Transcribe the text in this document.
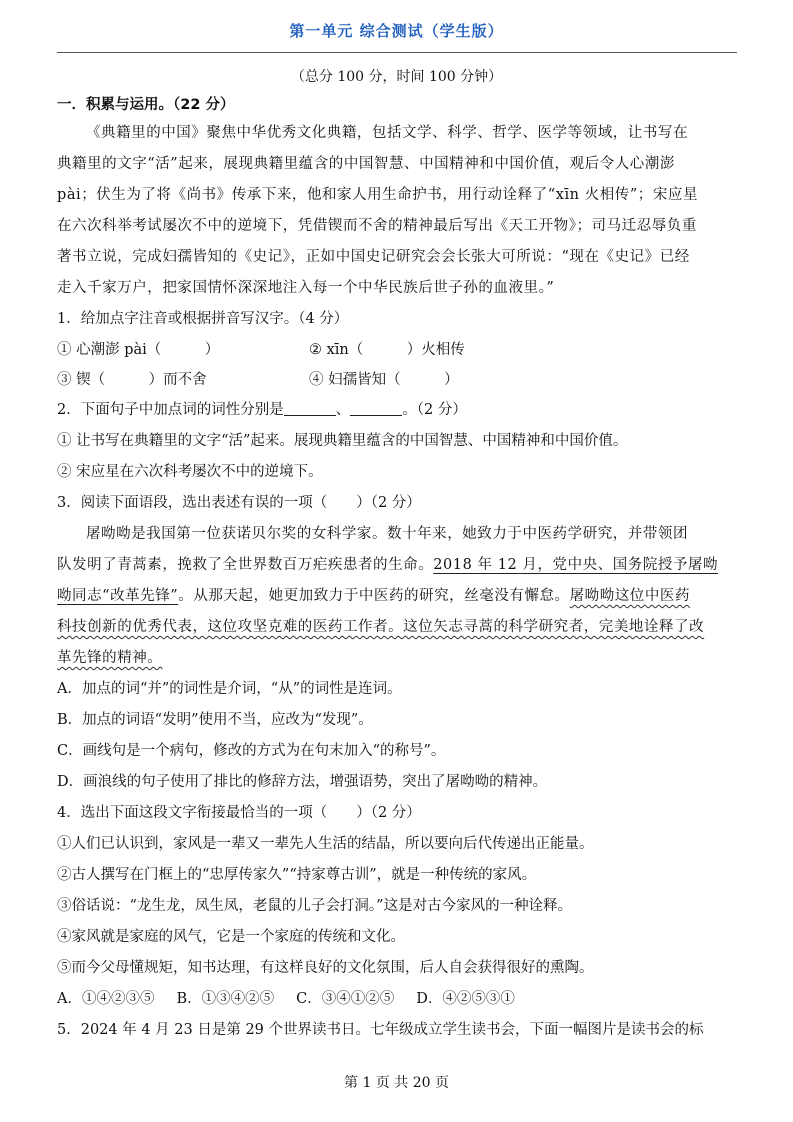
第一单元 综合测试（学生版）
（总分 100 分，时间 100 分钟）
一．积累与运用。（22 分）
《典籍里的中国》聚焦中华优秀文化典籍，包括文学、科学、哲学、医学等领域，让书写在
典籍里的文字“活”起来，展现典籍里蕴含的中国智慧、中国精神和中国价值，观后令人心潮澎
pài；伏生为了将《尚书》传承下来，他和家人用生命护书，用行动诠释了“xīn 火相传”；宋应星
在六次科举考试屡次不中的逆境下，凭借锲而不舍的精神最后写出《天工开物》；司马迁忍辱负重
著书立说，完成妇孺皆知的《史记》，正如中国史记研究会会长张大可所说：“现在《史记》已经
走入千家万户，把家国情怀深深地注入每一个中华民族后世子孙的血液里。”
1．给加点字注音或根据拼音写汉字。（4 分）
① 心潮澎 pài（　　　）	② xīn（　　　）火相传
③ 锲（　　　）而不舍	④ 妇孺皆知（　　　）
2．下面句子中加点词的词性分别是	、	。（2 分）
① 让书写在典籍里的文字“活”起来。展现典籍里蕴含的中国智慧、中国精神和中国价值。
② 宋应星在六次科考屡次不中的逆境下。
3．阅读下面语段，选出表述有误的一项（　　）（2 分）
屠呦呦是我国第一位获诺贝尔奖的女科学家。数十年来，她致力于中医药学研究，并带领团
队发明了青蒿素，挽救了全世界数百万疟疾患者的生命。2018 年 12 月，党中央、国务院授予屠呦
呦同志“改革先锋”。从那天起，她更加致力于中医药的研究，丝毫没有懈怠。屠呦呦这位中医药
科技创新的优秀代表，这位攻坚克难的医药工作者。这位矢志寻蒿的科学研究者，完美地诠释了改
革先锋的精神。
A．加点的词“并”的词性是介词，“从”的词性是连词。
B．加点的词语“发明”使用不当，应改为“发现”。
C．画线句是一个病句，修改的方式为在句末加入“的称号”。
D．画浪线的句子使用了排比的修辞方法，增强语势，突出了屠呦呦的精神。
4．选出下面这段文字衔接最恰当的一项（　　）（2 分）
①人们已认识到，家风是一辈又一辈先人生活的结晶，所以要向后代传递出正能量。
②古人撰写在门框上的“忠厚传家久”“持家尊古训”，就是一种传统的家风。
③俗话说：“龙生龙，凤生凤，老鼠的儿子会打洞。”这是对古今家风的一种诠释。
④家风就是家庭的风气，它是一个家庭的传统和文化。
⑤而今父母懂规矩，知书达理，有这样良好的文化氛围，后人自会获得很好的熏陶。
A．①④②③⑤ B．①③④②⑤ C．③④①②⑤ D．④②⑤③①
5．2024 年 4 月 23 日是第 29 个世界读书日。七年级成立学生读书会，下面一幅图片是读书会的标
第 1 页 共 20 页
